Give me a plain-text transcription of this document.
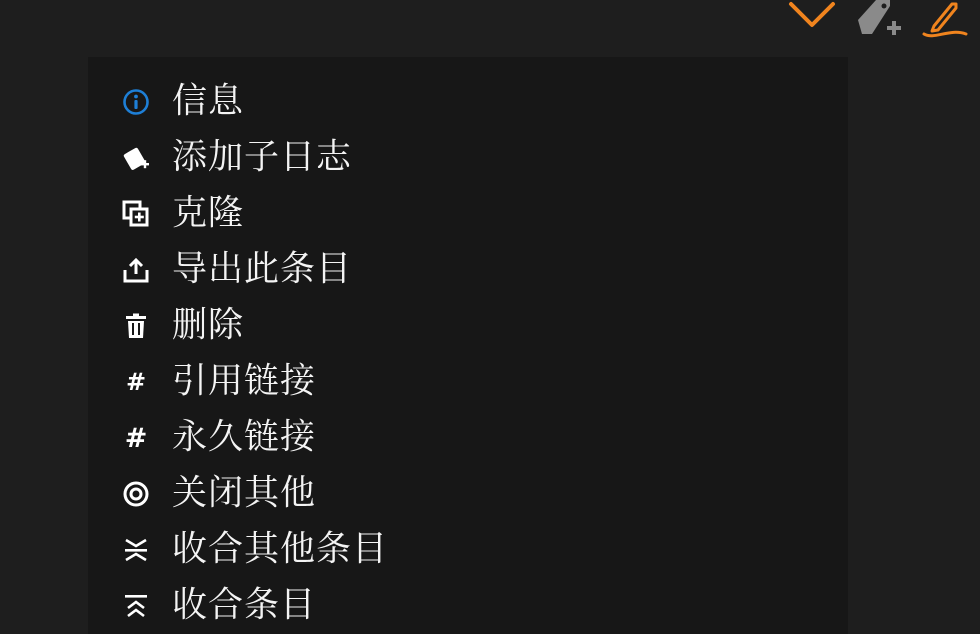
信息
添加子日志
克隆
导出此条目
删除
# 引用链接
# 永久链接
关闭其他
收合其他条目
收合条目
